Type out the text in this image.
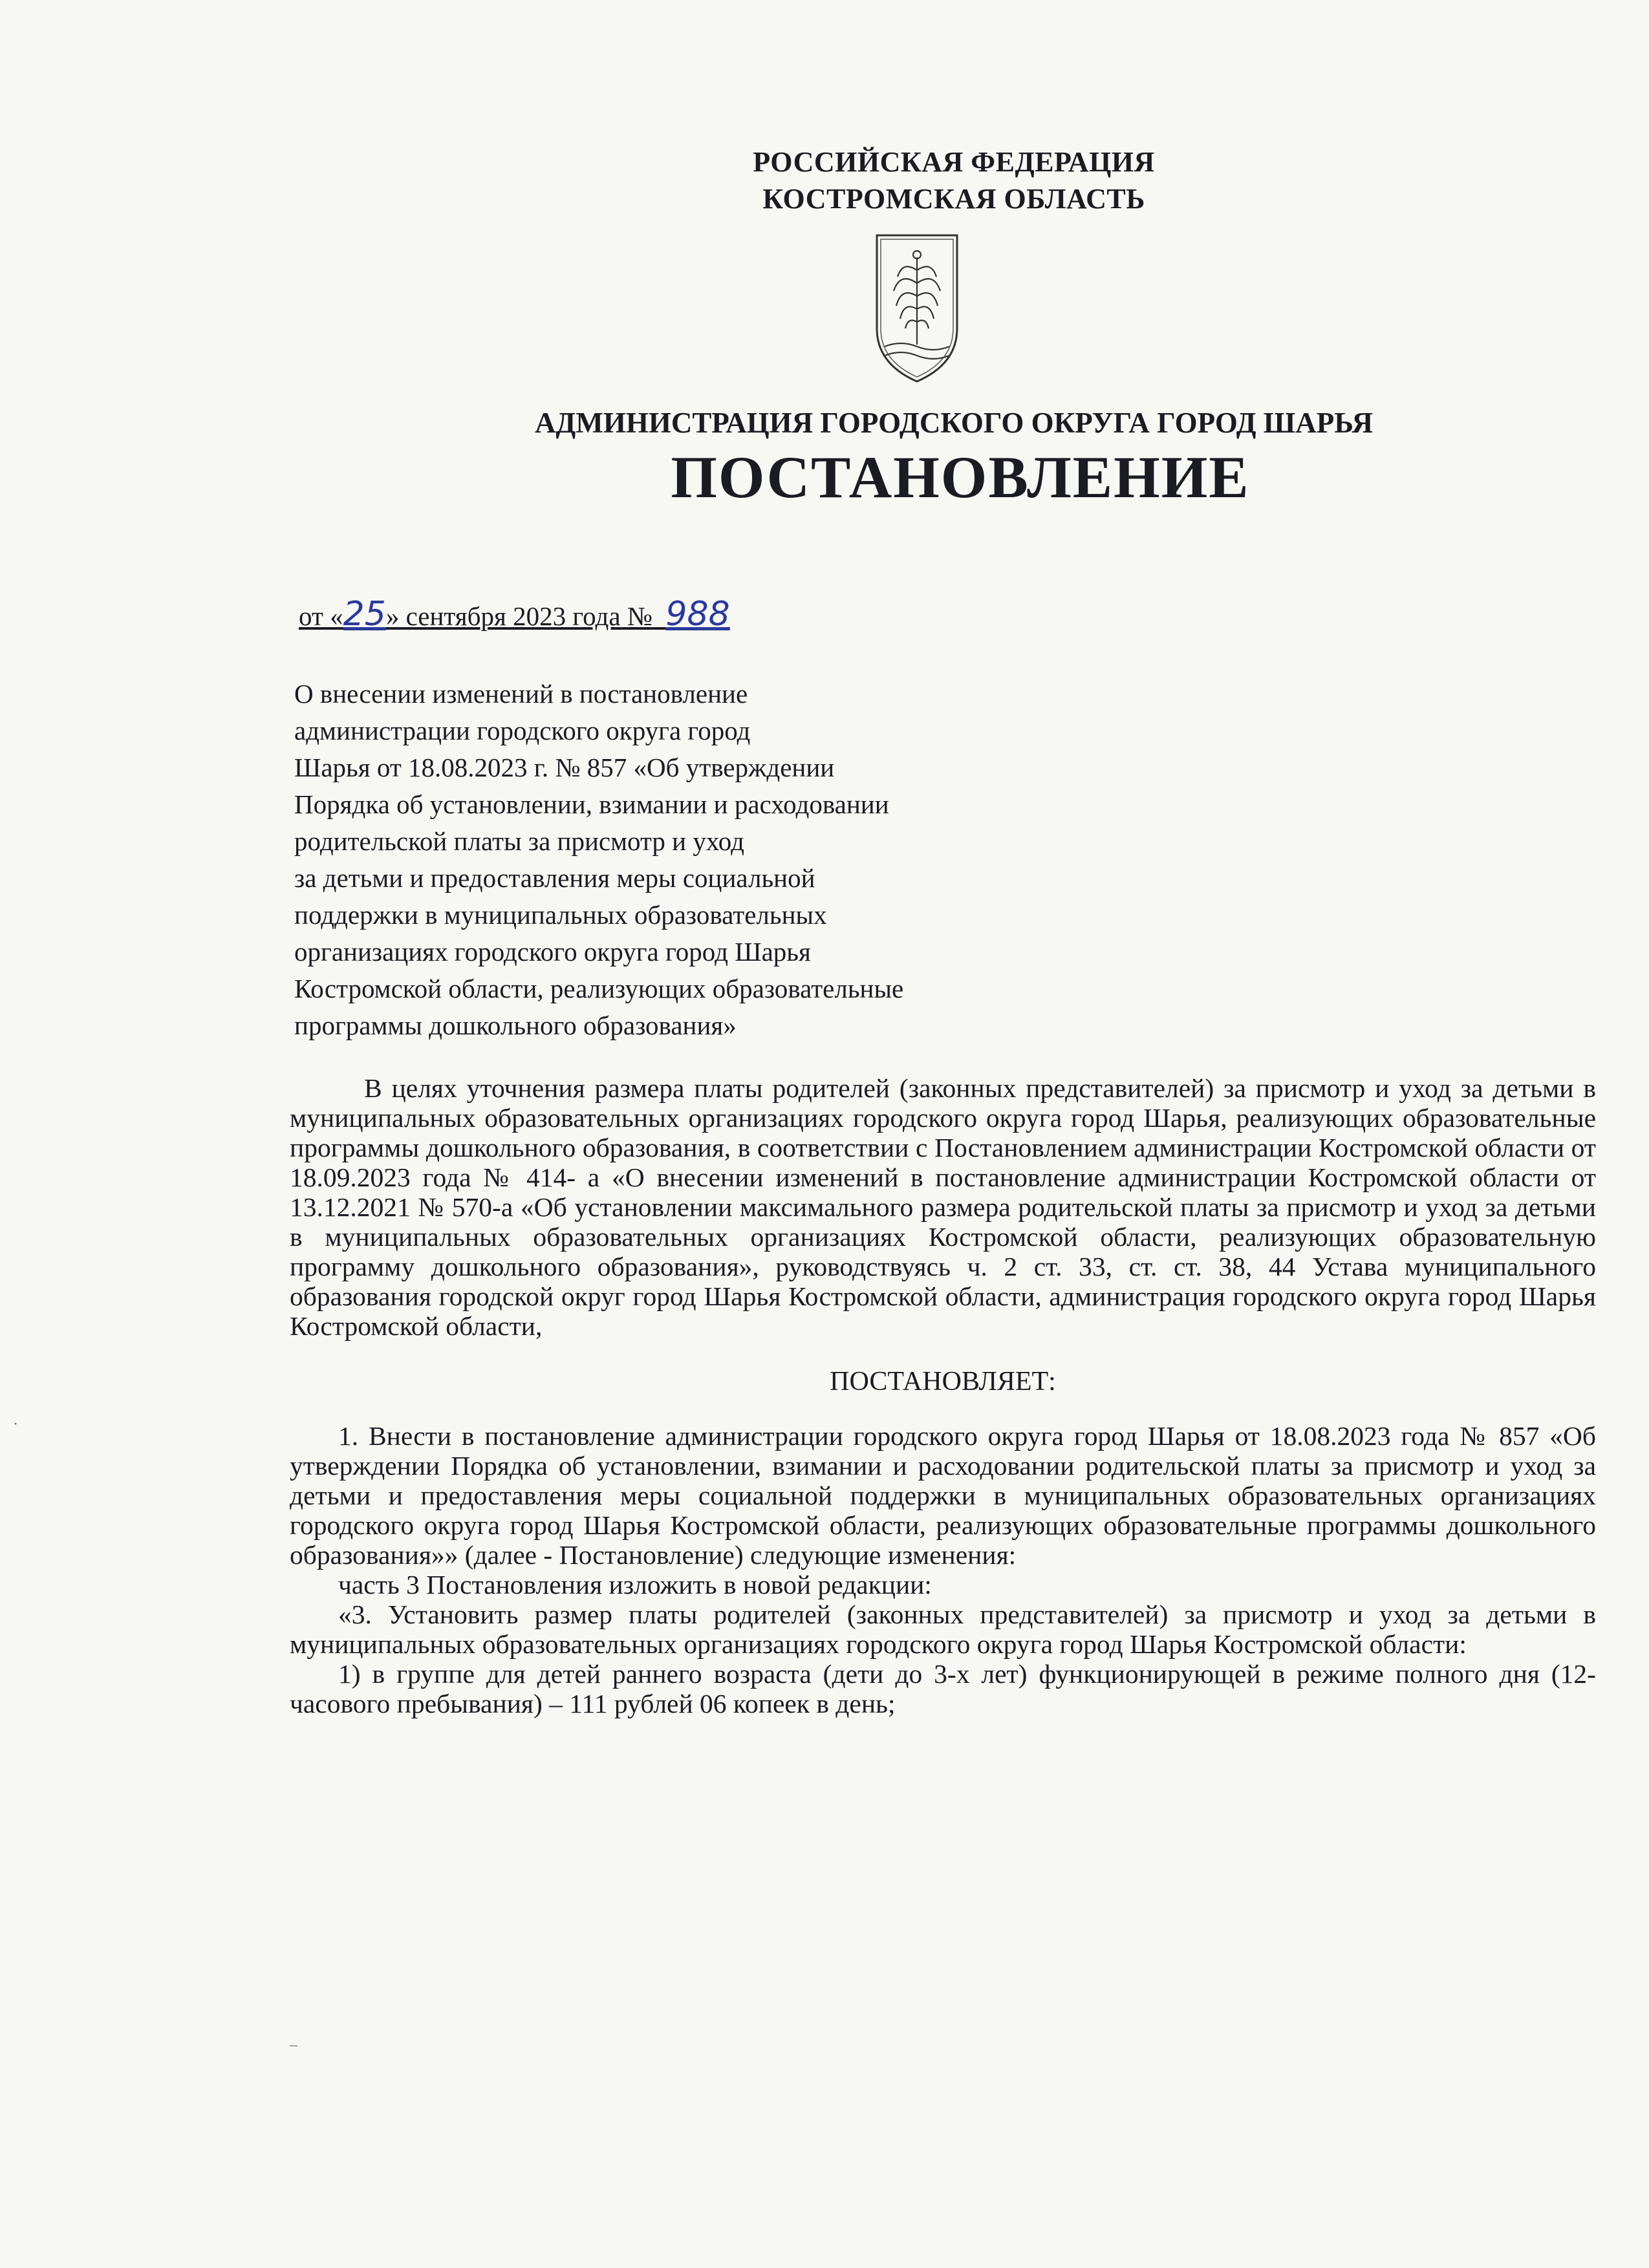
РОССИЙСКАЯ ФЕДЕРАЦИЯ
КОСТРОМСКАЯ ОБЛАСТЬ
АДМИНИСТРАЦИЯ ГОРОДСКОГО ОКРУГА ГОРОД ШАРЬЯ
ПОСТАНОВЛЕНИЕ
от «25» сентября 2023 года № 988
О внесении изменений в постановление
администрации городского округа город
Шарья от 18.08.2023 г. № 857 «Об утверждении
Порядка об установлении, взимании и расходовании
родительской платы за присмотр и уход
за детьми и предоставления меры социальной
поддержки в муниципальных образовательных
организациях городского округа город Шарья
Костромской области, реализующих образовательные
программы дошкольного образования»

В целях уточнения размера платы родителей (законных представителей) за присмотр и уход за детьми в муниципальных образовательных организациях городского округа город Шарья, реализующих образовательные программы дошкольного образования, в соответствии с Постановлением администрации Костромской области от 18.09.2023 года № 414- а «О внесении изменений в постановление администрации Костромской области от 13.12.2021 № 570-а «Об установлении максимального размера родительской платы за присмотр и уход за детьми в муниципальных образовательных организациях Костромской области, реализующих образовательную программу дошкольного образования», руководствуясь ч. 2 ст. 33, ст. ст. 38, 44 Устава муниципального образования городской округ город Шарья Костромской области, администрация городского округа город Шарья Костромской области,

ПОСТАНОВЛЯЕТ:

1. Внести в постановление администрации городского округа город Шарья от 18.08.2023 года № 857 «Об утверждении Порядка об установлении, взимании и расходовании родительской платы за присмотр и уход за детьми и предоставления меры социальной поддержки в муниципальных образовательных организациях городского округа город Шарья Костромской области, реализующих образовательные программы дошкольного образования»» (далее - Постановление) следующие изменения:

часть 3 Постановления изложить в новой редакции:

«3. Установить размер платы родителей (законных представителей) за присмотр и уход за детьми в муниципальных образовательных организациях городского округа город Шарья Костромской области:

1) в группе для детей раннего возраста (дети до 3-х лет) функционирующей в режиме полного дня (12-часового пребывания) – 111 рублей 06 копеек в день;

–
·
